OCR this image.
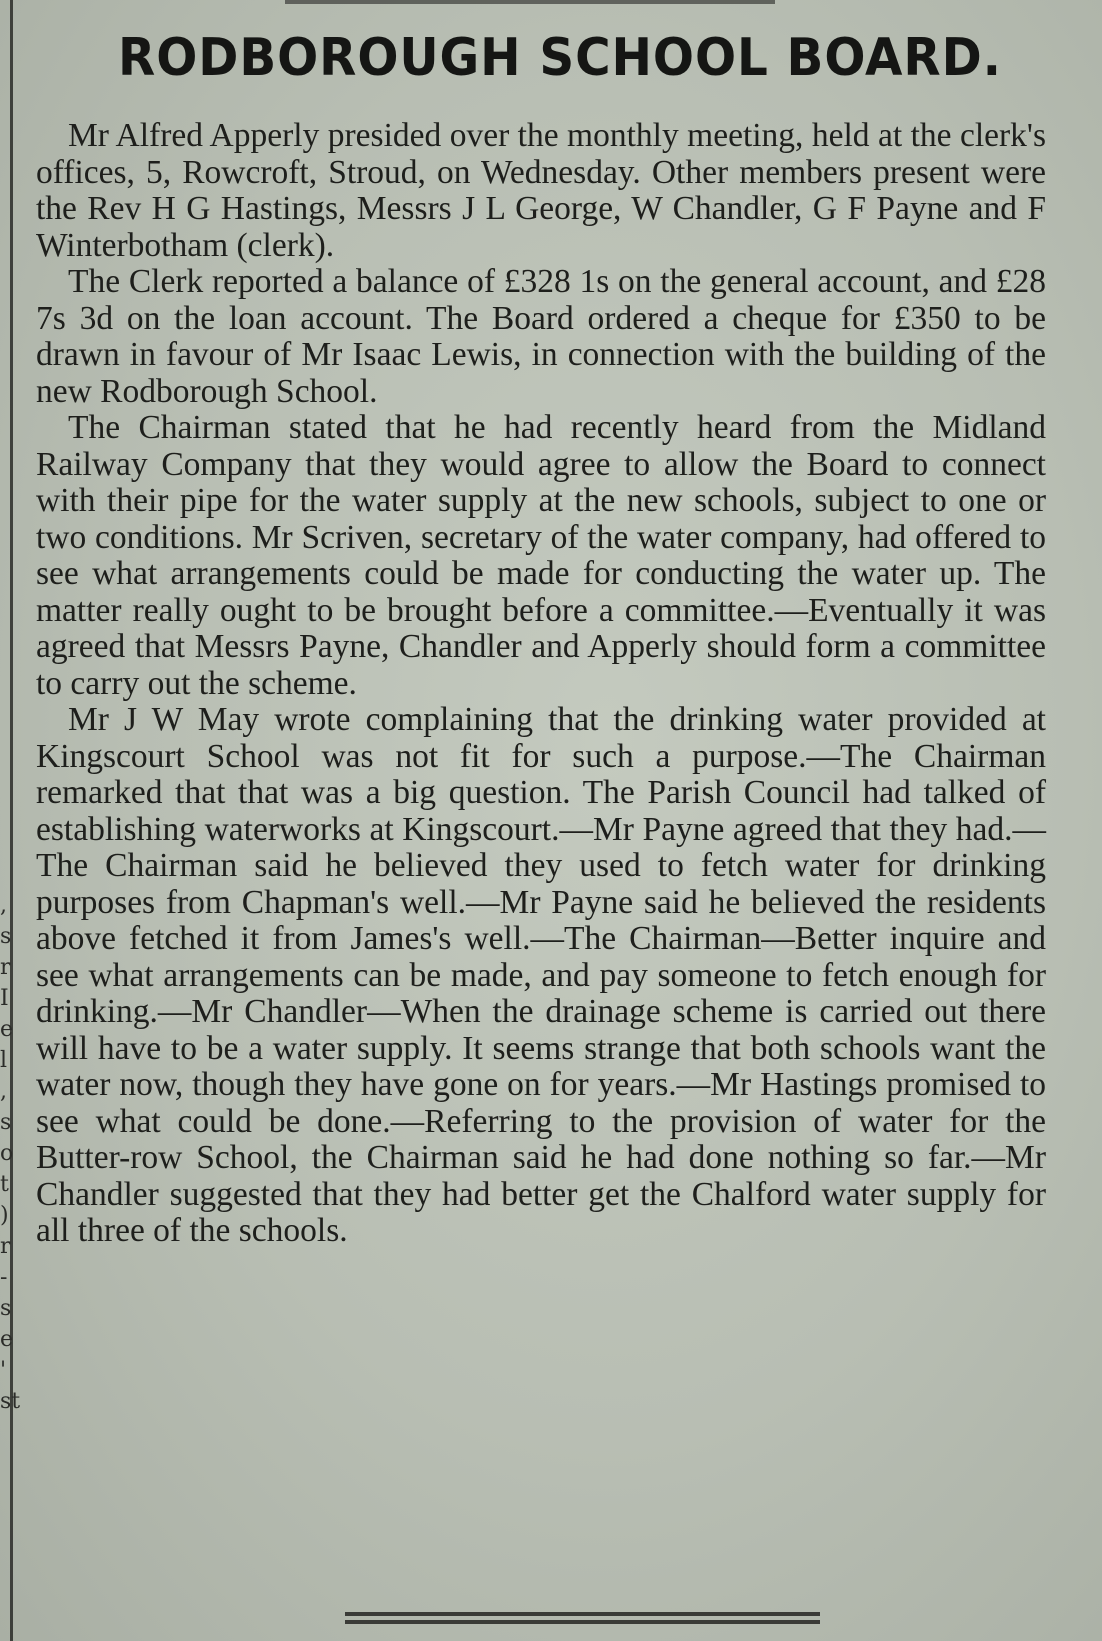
,
s
r
I
e
l
,
s
o
t
)
r
-
s
e
'
st
RODBOROUGH SCHOOL BOARD.

Mr Alfred Apperly presided over the monthly meeting, held at the clerk's offices, 5, Rowcroft, Stroud, on Wednesday. Other members present were the Rev H G Hastings, Messrs J L George, W Chandler, G F Payne and F Winterbotham (clerk).

The Clerk reported a balance of £328 1s on the general account, and £28 7s 3d on the loan account. The Board ordered a cheque for £350 to be drawn in favour of Mr Isaac Lewis, in connection with the building of the new Rodborough School.

The Chairman stated that he had recently heard from the Midland Railway Company that they would agree to allow the Board to connect with their pipe for the water supply at the new schools, subject to one or two conditions. Mr Scriven, secretary of the water company, had offered to see what arrangements could be made for conducting the water up. The matter really ought to be brought before a committee.—Eventually it was agreed that Messrs Payne, Chandler and Apperly should form a committee to carry out the scheme.

Mr J W May wrote complaining that the drinking water provided at Kingscourt School was not fit for such a purpose.—The Chairman remarked that that was a big question. The Parish Council had talked of establishing waterworks at Kingscourt.—Mr Payne agreed that they had.—The Chairman said he believed they used to fetch water for drinking purposes from Chapman's well.—Mr Payne said he believed the residents above fetched it from James's well.—The Chairman—Better inquire and see what arrangements can be made, and pay someone to fetch enough for drinking.—Mr Chandler—When the drainage scheme is carried out there will have to be a water supply. It seems strange that both schools want the water now, though they have gone on for years.—Mr Hastings promised to see what could be done.—Referring to the provision of water for the Butter-row School, the Chairman said he had done nothing so far.—Mr Chandler suggested that they had better get the Chalford water supply for all three of the schools.
